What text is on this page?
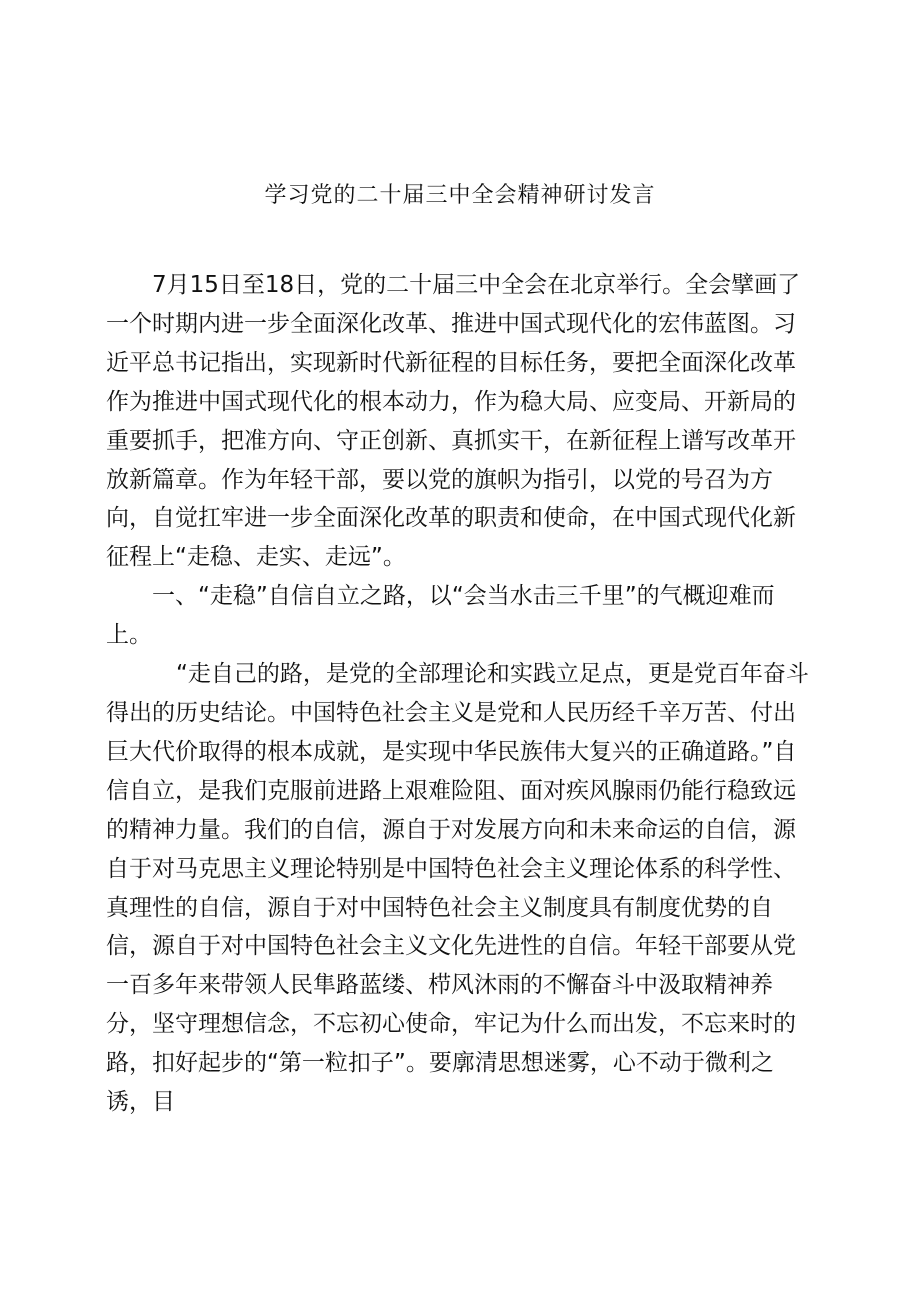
学习党的二十届三中全会精神研讨发言

7月15日至18日，党的二十届三中全会在北京举行。全会擘画了一个时期内进一步全面深化改革、推进中国式现代化的宏伟蓝图。习近平总书记指出，实现新时代新征程的目标任务，要把全面深化改革作为推进中国式现代化的根本动力，作为稳大局、应变局、开新局的重要抓手，把准方向、守正创新、真抓实干，在新征程上谱写改革开放新篇章。作为年轻干部，要以党的旗帜为指引，以党的号召为方向，自觉扛牢进一步全面深化改革的职责和使命，在中国式现代化新征程上“走稳、走实、走远”。

一、“走稳”自信自立之路，以“会当水击三千里”的气概迎难而上。

“走自己的路，是党的全部理论和实践立足点，更是党百年奋斗得出的历史结论。中国特色社会主义是党和人民历经千辛万苦、付出巨大代价取得的根本成就，是实现中华民族伟大复兴的正确道路。”自信自立，是我们克服前进路上艰难险阻、面对疾风腺雨仍能行稳致远的精神力量。我们的自信，源自于对发展方向和未来命运的自信，源自于对马克思主义理论特别是中国特色社会主义理论体系的科学性、真理性的自信，源自于对中国特色社会主义制度具有制度优势的自信，源自于对中国特色社会主义文化先进性的自信。年轻干部要从党一百多年来带领人民隼路蓝缕、栉风沐雨的不懈奋斗中汲取精神养分，坚守理想信念，不忘初心使命，牢记为什么而出发，不忘来时的路，扣好起步的“第一粒扣子”。要廓清思想迷雾，心不动于微利之诱，目
